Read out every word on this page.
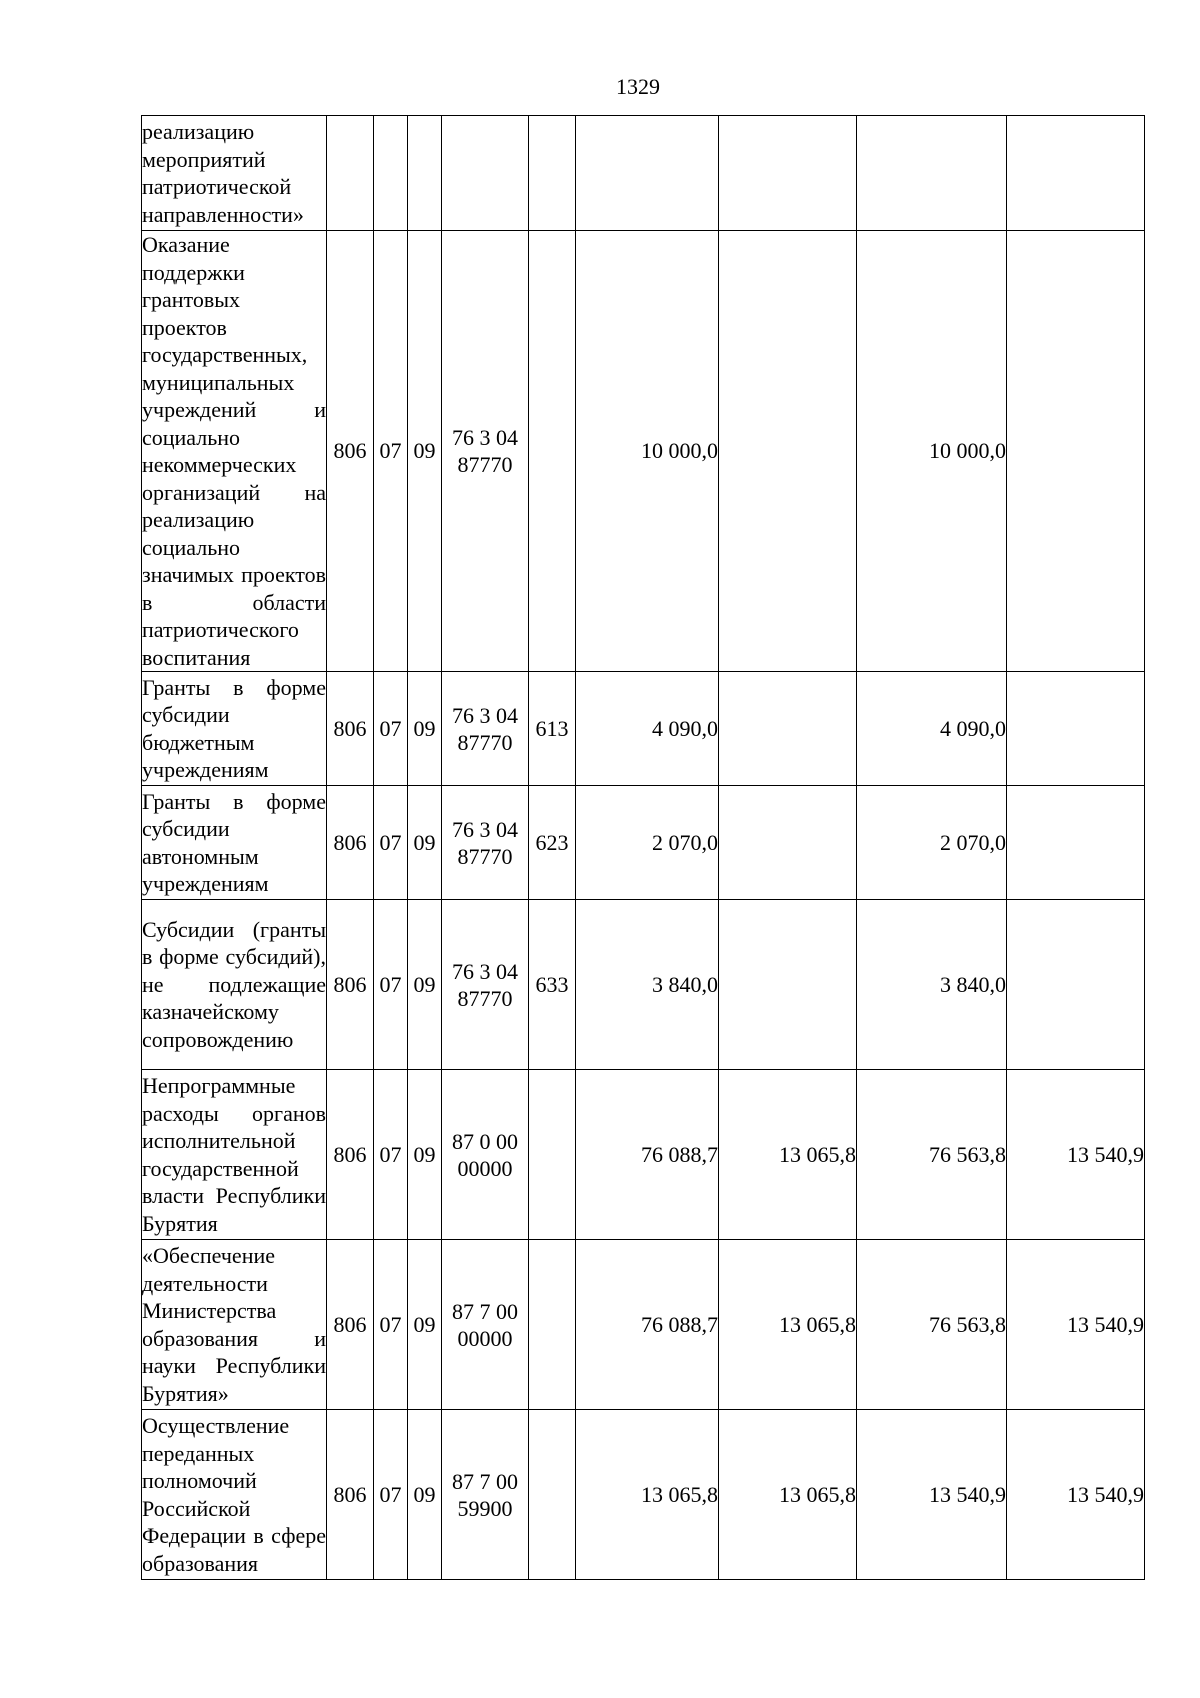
1329
реализацию мероприятий патриотической направленности»									
Оказание поддержки грантовых проектов государственных, муниципальных учреждений и социально некоммерческих организаций на реализацию социально значимых проектов в области патриотического воспитания	806	07	09	76 3 04 87770		10 000,0		10 000,0	
Гранты в форме субсидии бюджетным учреждениям	806	07	09	76 3 04 87770	613	4 090,0		4 090,0	
Гранты в форме субсидии автономным учреждениям	806	07	09	76 3 04 87770	623	2 070,0		2 070,0	
Субсидии (гранты в форме субсидий), не подлежащие казначейскому сопровождению	806	07	09	76 3 04 87770	633	3 840,0		3 840,0	
Непрограммные расходы органов исполнительной государственной власти Республики Бурятия	806	07	09	87 0 00 00000		76 088,7	13 065,8	76 563,8	13 540,9
«Обеспечение деятельности Министерства образования и науки Республики Бурятия»	806	07	09	87 7 00 00000		76 088,7	13 065,8	76 563,8	13 540,9
Осуществление переданных полномочий Российской Федерации в сфере образования	806	07	09	87 7 00 59900		13 065,8	13 065,8	13 540,9	13 540,9
